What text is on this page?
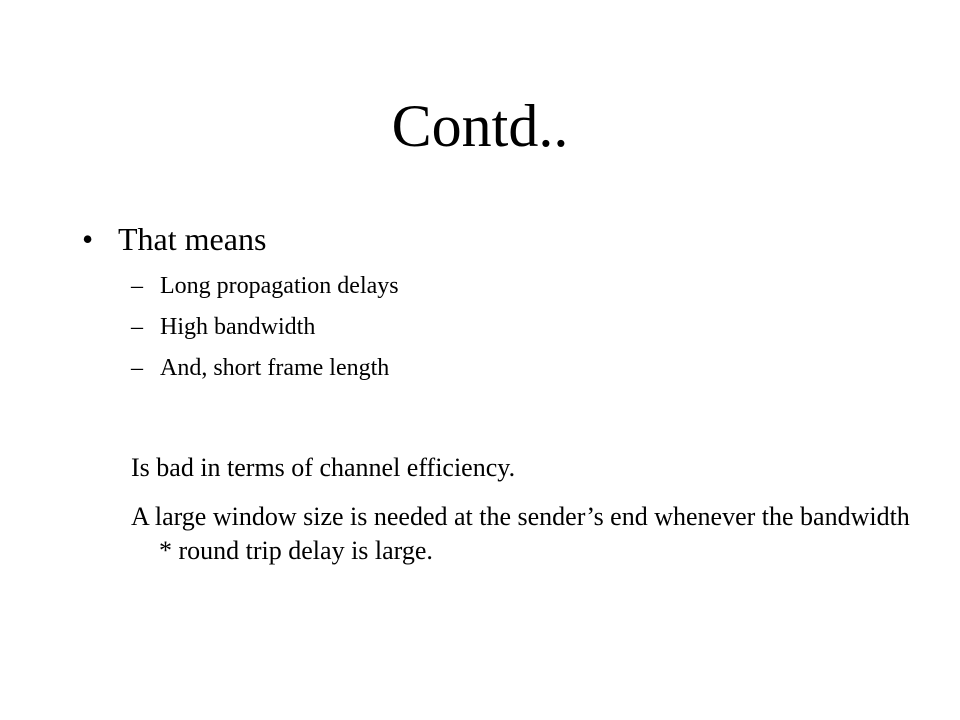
Contd..
• That means
– Long propagation delays
– High bandwidth
– And, short frame length

Is bad in terms of channel efficiency.

A large window size is needed at the sender’s end whenever the bandwidth * round trip delay is large.
